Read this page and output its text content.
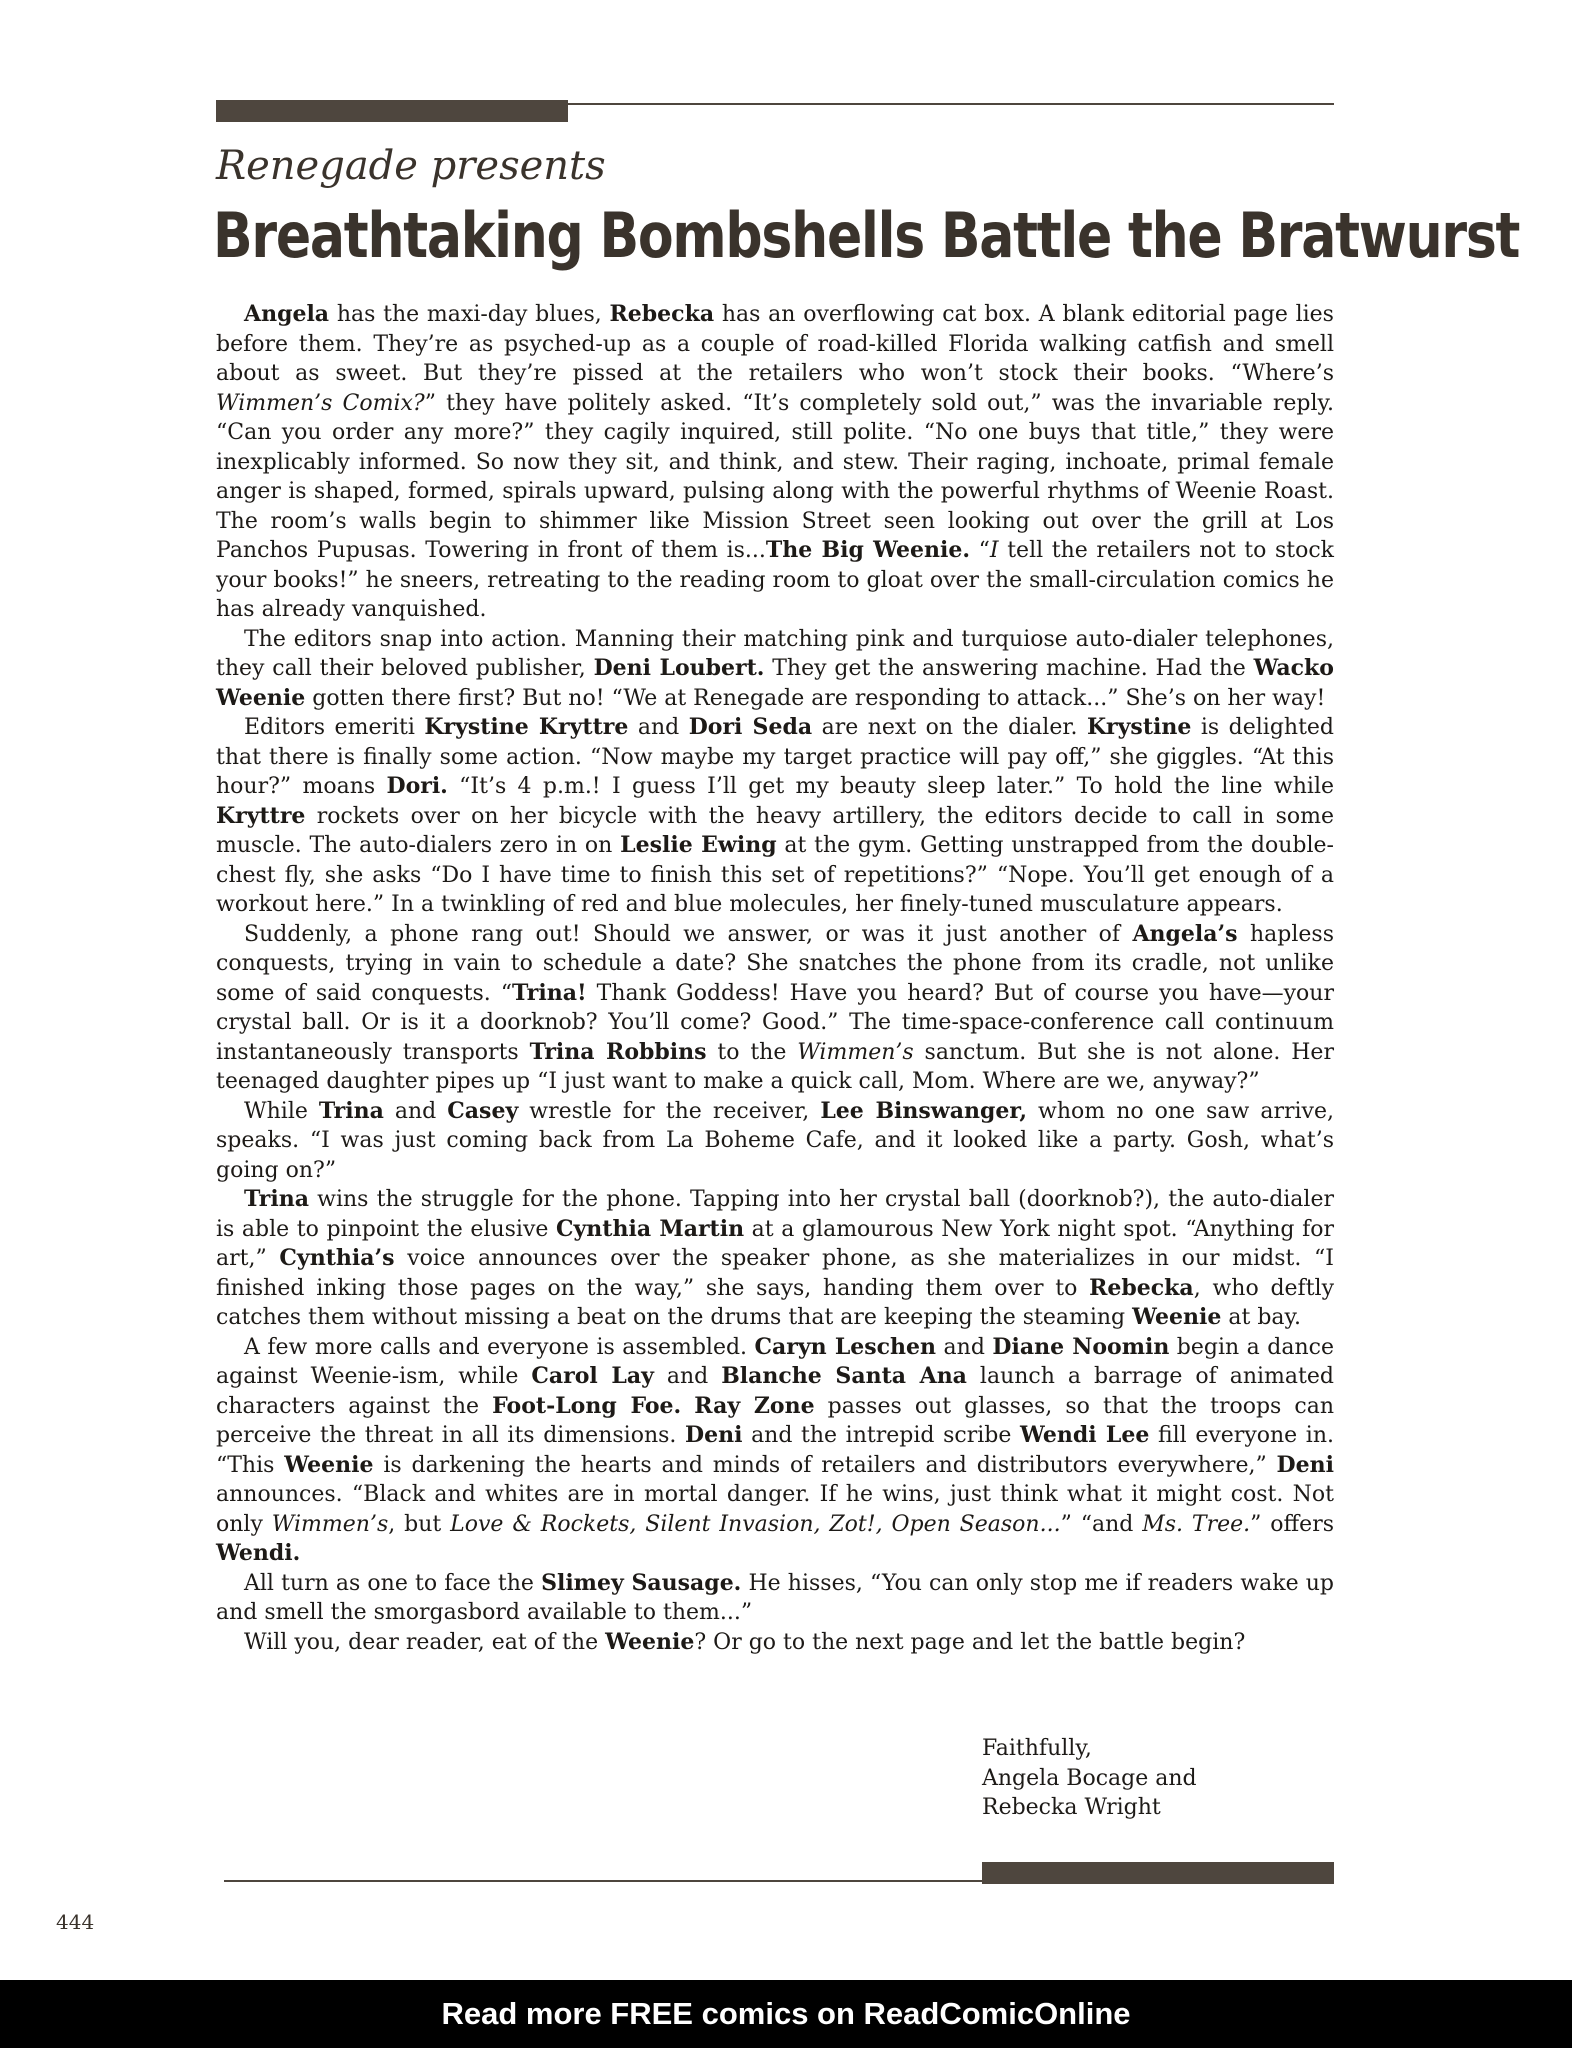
Renegade presents
Breathtaking Bombshells Battle the Bratwurst

Angela has the maxi-day blues, Rebecka has an overflowing cat box. A blank editorial page lies before them. They’re as psyched-up as a couple of road-killed Florida walking catfish and smell about as sweet. But they’re pissed at the retailers who won’t stock their books. “Where’s Wimmen’s Comix?” they have politely asked. “It’s completely sold out,” was the invariable reply. “Can you order any more?” they cagily inquired, still polite. “No one buys that title,” they were inexplicably informed. So now they sit, and think, and stew. Their raging, inchoate, primal female anger is shaped, formed, spirals upward, pulsing along with the powerful rhythms of Weenie Roast. The room’s walls begin to shimmer like Mission Street seen looking out over the grill at Los Panchos Pupusas. Towering in front of them is...The Big Weenie. “I tell the retailers not to stock your books!” he sneers, retreating to the reading room to gloat over the small-circulation comics he has already vanquished.

The editors snap into action. Manning their matching pink and turquiose auto-dialer telephones, they call their beloved publisher, Deni Loubert. They get the answering machine. Had the Wacko Weenie gotten there first? But no! “We at Renegade are responding to attack...” She’s on her way!

Editors emeriti Krystine Kryttre and Dori Seda are next on the dialer. Krystine is delighted that there is finally some action. “Now maybe my target practice will pay off,” she giggles. “At this hour?” moans Dori. “It’s 4 p.m.! I guess I’ll get my beauty sleep later.” To hold the line while Kryttre rockets over on her bicycle with the heavy artillery, the editors decide to call in some muscle. The auto-dialers zero in on Leslie Ewing at the gym. Getting unstrapped from the double-chest fly, she asks “Do I have time to finish this set of repetitions?” “Nope. You’ll get enough of a workout here.” In a twinkling of red and blue molecules, her finely-tuned musculature appears.

Suddenly, a phone rang out! Should we answer, or was it just another of Angela’s hapless conquests, trying in vain to schedule a date? She snatches the phone from its cradle, not unlike some of said conquests. “Trina! Thank Goddess! Have you heard? But of course you have—your crystal ball. Or is it a doorknob? You’ll come? Good.” The time-space-conference call continuum instantaneously transports Trina Robbins to the Wimmen’s sanctum. But she is not alone. Her teenaged daughter pipes up “I just want to make a quick call, Mom. Where are we, anyway?”

While Trina and Casey wrestle for the receiver, Lee Binswanger, whom no one saw arrive, speaks. “I was just coming back from La Boheme Cafe, and it looked like a party. Gosh, what’s going on?”

Trina wins the struggle for the phone. Tapping into her crystal ball (doorknob?), the auto-dialer is able to pinpoint the elusive Cynthia Martin at a glamourous New York night spot. “Anything for art,” Cynthia’s voice announces over the speaker phone, as she materializes in our midst. “I finished inking those pages on the way,” she says, handing them over to Rebecka, who deftly catches them without missing a beat on the drums that are keeping the steaming Weenie at bay.

A few more calls and everyone is assembled. Caryn Leschen and Diane Noomin begin a dance against Weenie-ism, while Carol Lay and Blanche Santa Ana launch a barrage of animated characters against the Foot-Long Foe. Ray Zone passes out glasses, so that the troops can perceive the threat in all its dimensions. Deni and the intrepid scribe Wendi Lee fill everyone in. “This Weenie is darkening the hearts and minds of retailers and distributors everywhere,” Deni announces. “Black and whites are in mortal danger. If he wins, just think what it might cost. Not only Wimmen’s, but Love & Rockets, Silent Invasion, Zot!, Open Season...” “and Ms. Tree.” offers Wendi.

All turn as one to face the Slimey Sausage. He hisses, “You can only stop me if readers wake up and smell the smorgasbord available to them...”

Will you, dear reader, eat of the Weenie? Or go to the next page and let the battle begin?

Faithfully,
Angela Bocage and
Rebecka Wright
444
Read more FREE comics on ReadComicOnline
